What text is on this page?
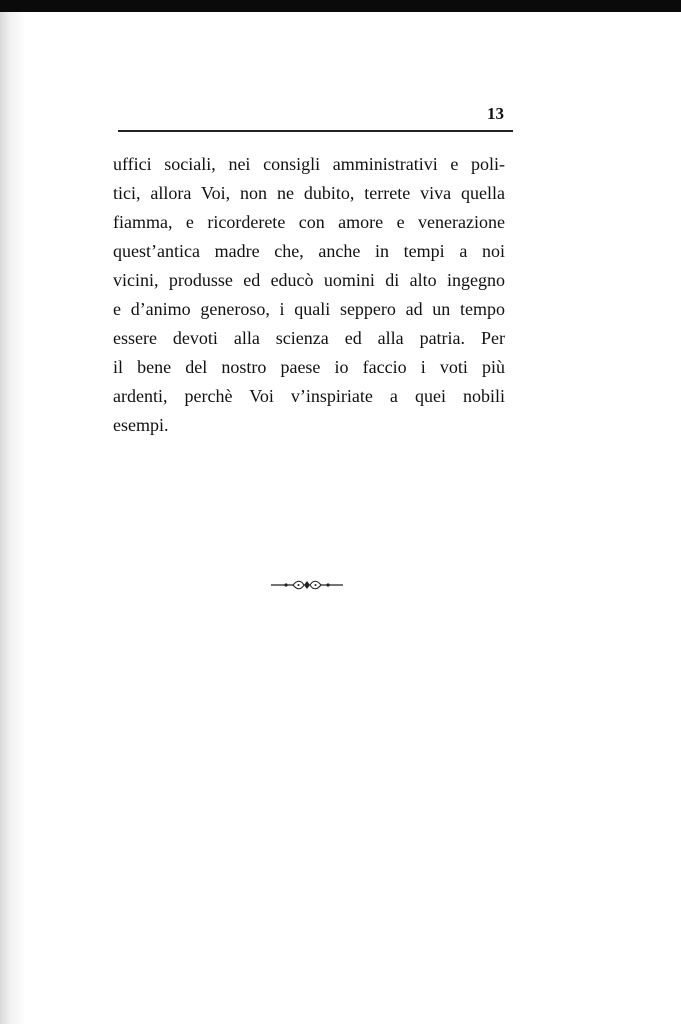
13
uffici sociali, nei consigli amministrativi e poli-
tici, allora Voi, non ne dubito, terrete viva quella
fiamma, e ricorderete con amore e venerazione
quest’antica madre che, anche in tempi a noi
vicini, produsse ed educò uomini di alto ingegno
e d’animo generoso, i quali seppero ad un tempo
essere devoti alla scienza ed alla patria. Per
il bene del nostro paese io faccio i voti più
ardenti, perchè Voi v’inspiriate a quei nobili
esempi.
